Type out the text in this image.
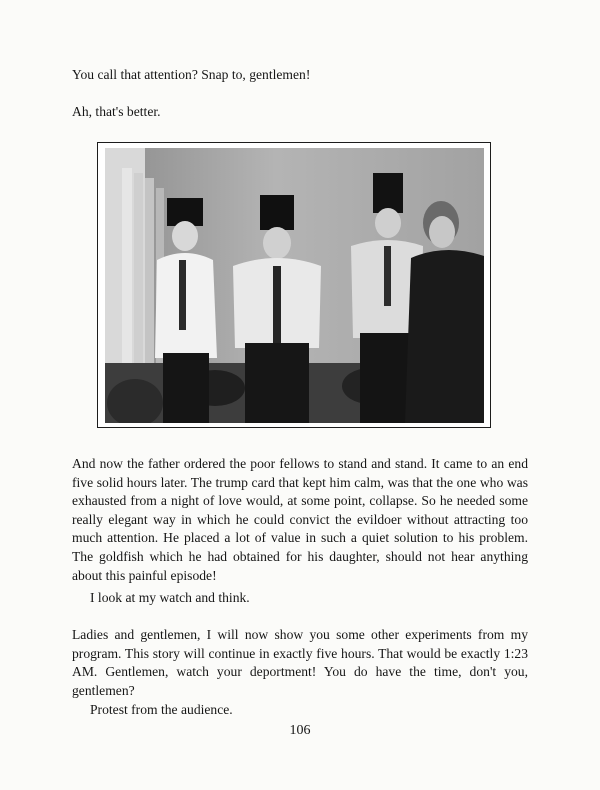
You call that attention? Snap to, gentlemen!

Ah, that's better.

And now the father ordered the poor fellows to stand and stand. It came to an end five solid hours later. The trump card that kept him calm, was that the one who was exhausted from a night of love would, at some point, collapse. So he needed some really elegant way in which he could convict the evildoer without attracting too much attention. He placed a lot of value in such a quiet solution to his problem. The goldfish which he had obtained for his daughter, should not hear anything about this painful episode!

I look at my watch and think.

Ladies and gentlemen, I will now show you some other experiments from my program. This story will continue in exactly five hours. That would be exactly 1:23 AM. Gentlemen, watch your deportment! You do have the time, don't you, gentlemen?

Protest from the audience.

106
